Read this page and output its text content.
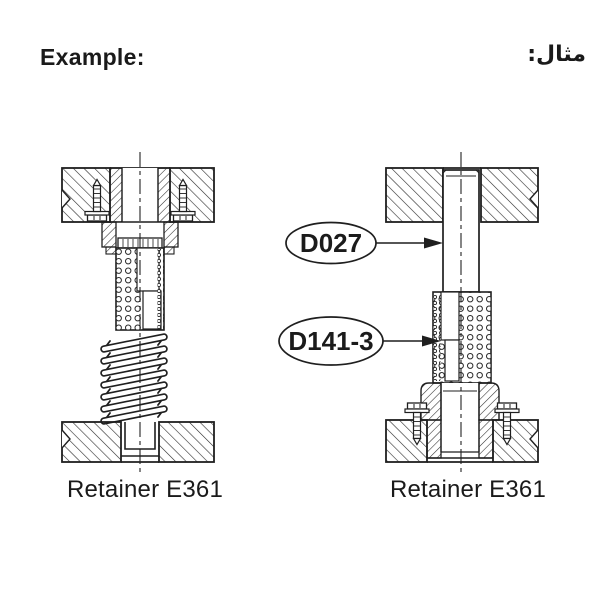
Example:	مثال:
D027
D141-3
Retainer E361	Retainer E361
